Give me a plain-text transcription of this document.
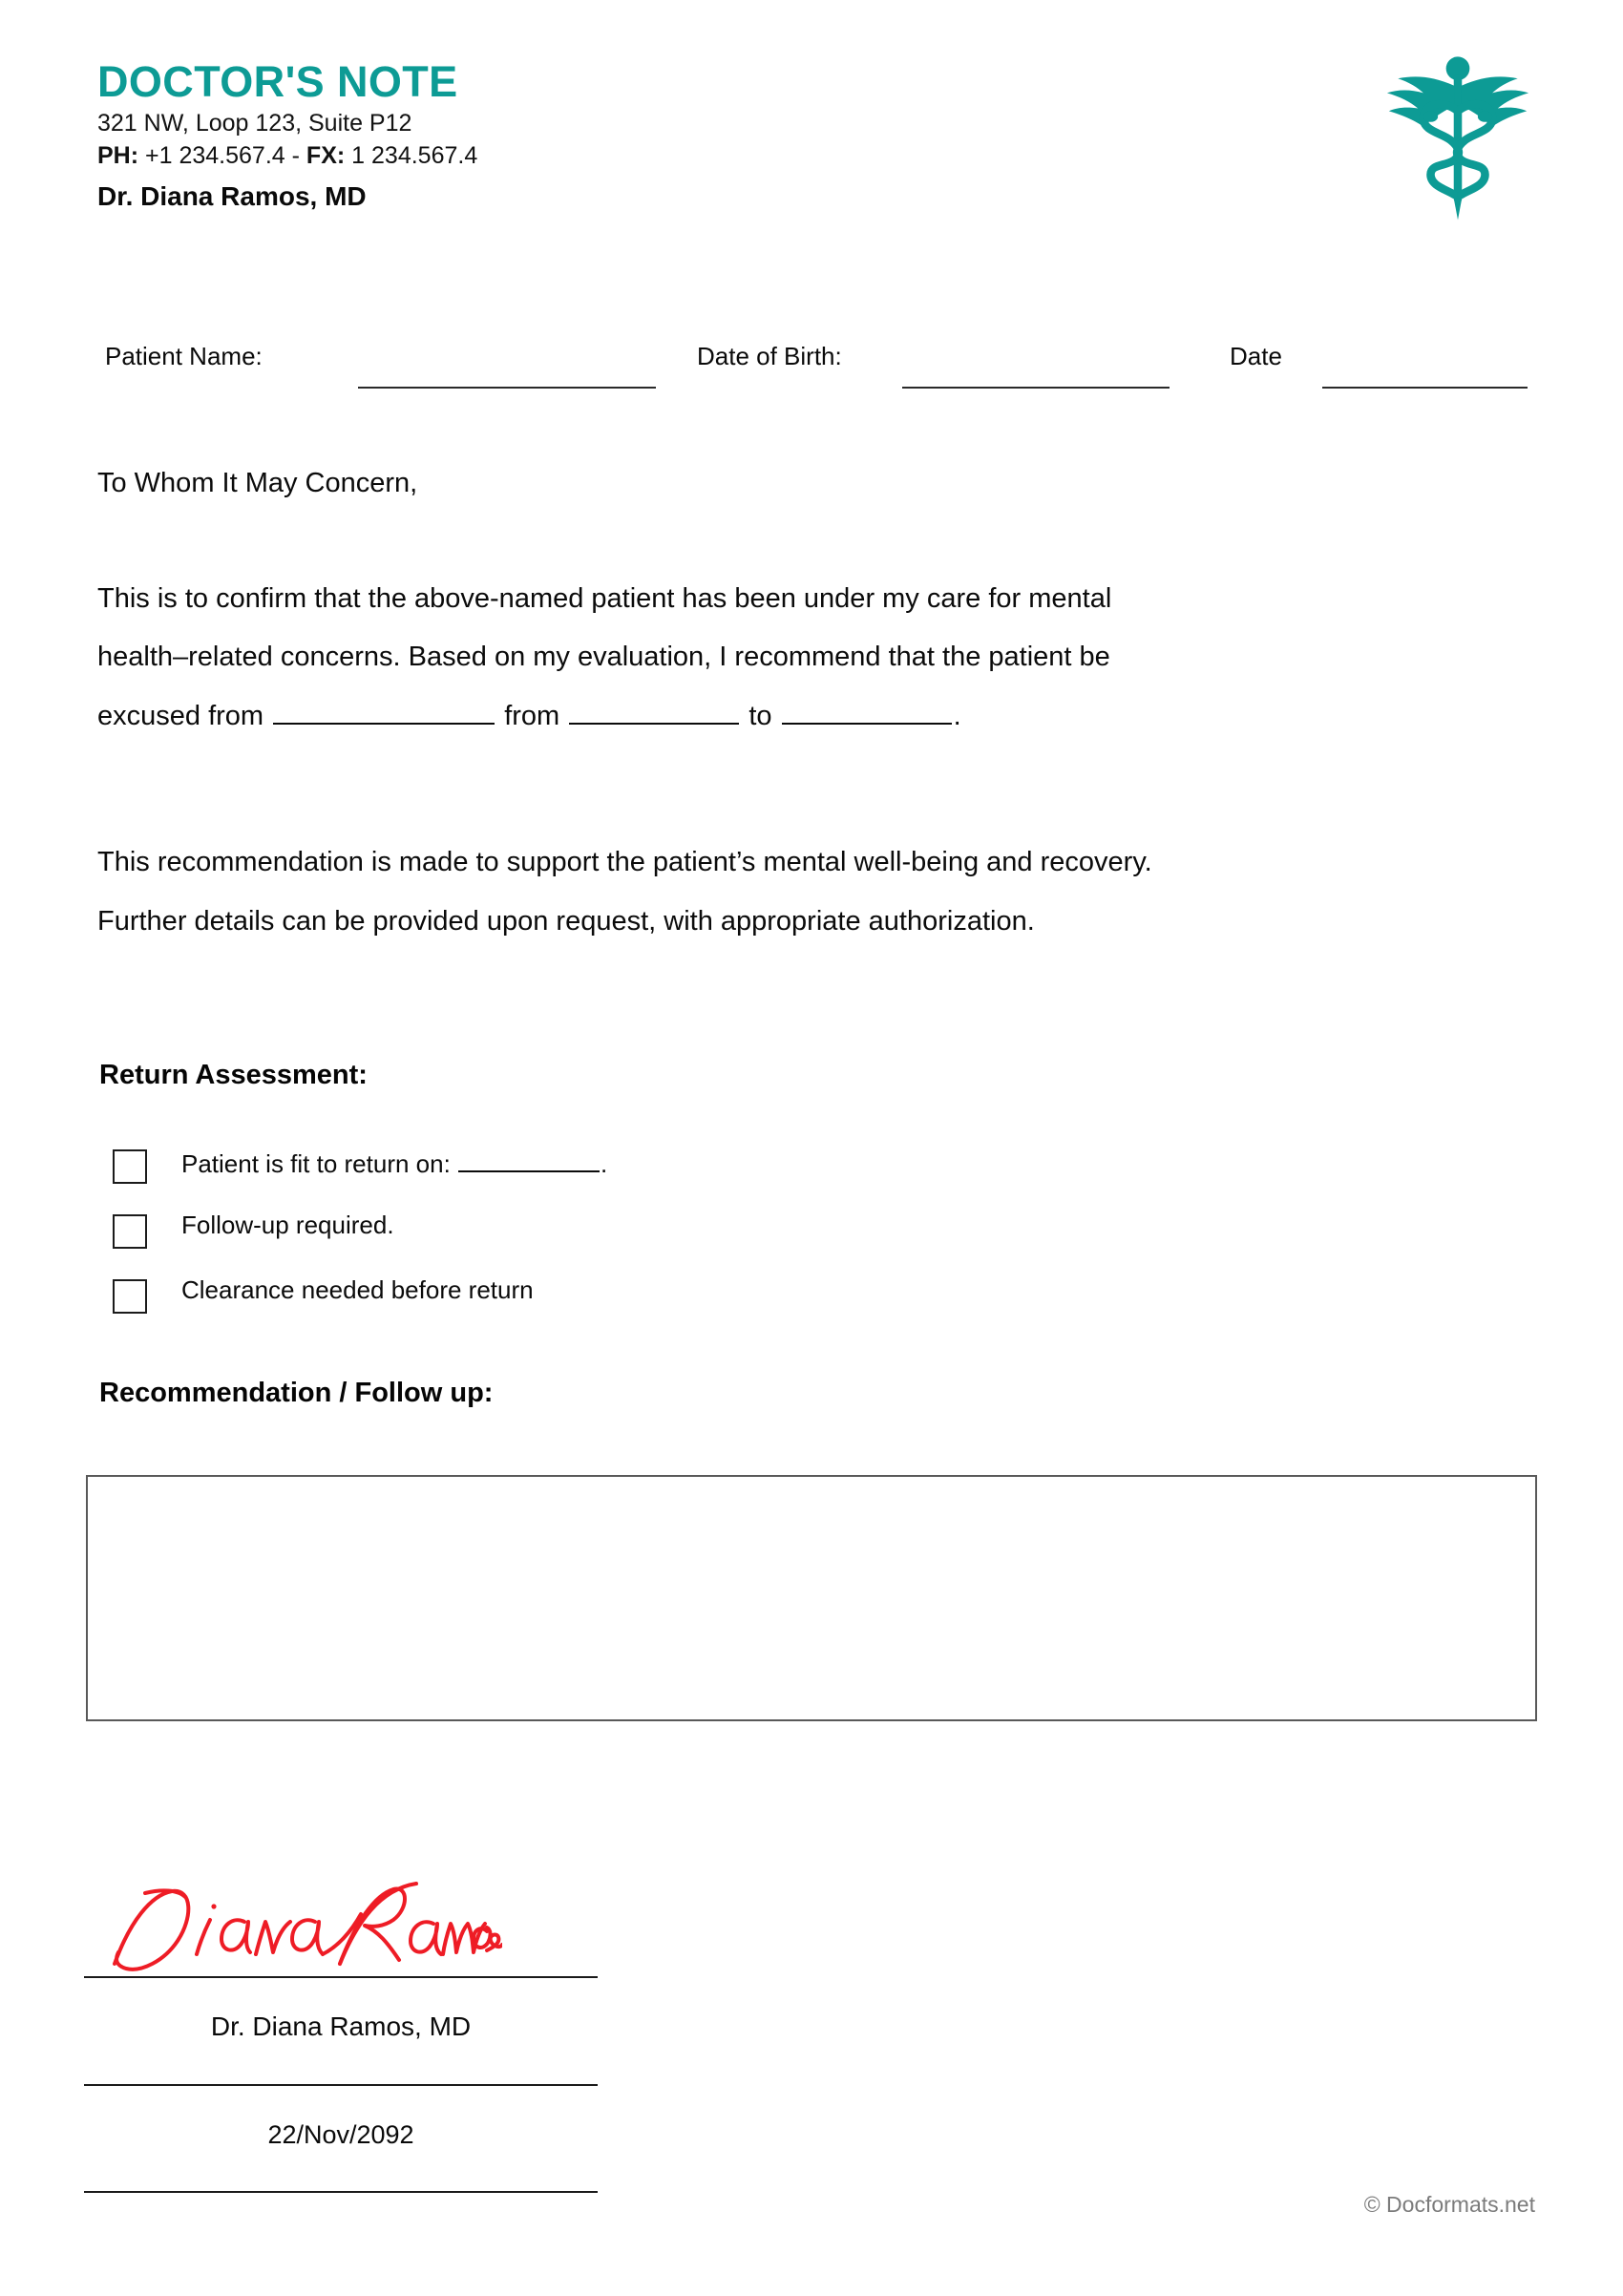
DOCTOR'S NOTE
321 NW, Loop 123, Suite P12
PH: +1 234.567.4 - FX: 1 234.567.4
Dr. Diana Ramos, MD
Patient Name:	Date of Birth:	Date

To Whom It May Concern,

This is to confirm that the above-named patient has been under my care for mental
health–related concerns. Based on my evaluation, I recommend that the patient be
excused from	from	to	.

This recommendation is made to support the patient’s mental well-being and recovery.
Further details can be provided upon request, with appropriate authorization.

Return Assessment:
Patient is fit to return on:	.
Follow-up required.
Clearance needed before return
Recommendation / Follow up:
Dr. Diana Ramos, MD
22/Nov/2092
© Docformats.net
